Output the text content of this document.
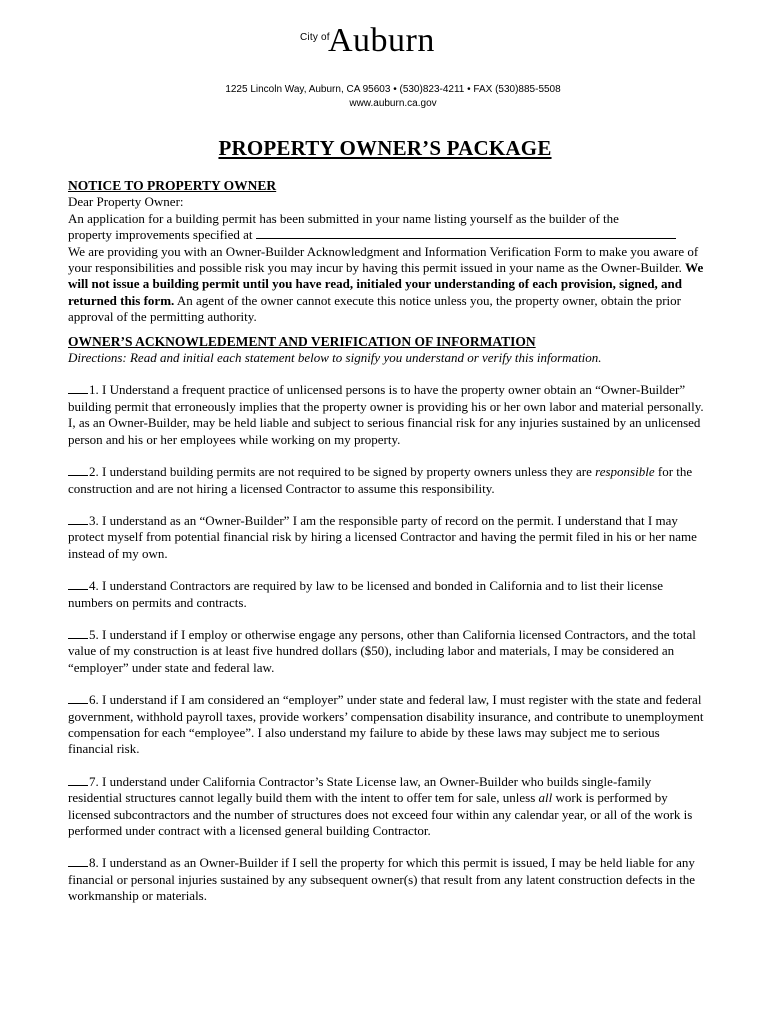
City of
Auburn
1225 Lincoln Way, Auburn, CA 95603 • (530)823-4211 • FAX (530)885-5508
www.auburn.ca.gov
PROPERTY OWNER’S PACKAGE

NOTICE TO PROPERTY OWNER

Dear Property Owner:

An application for a building permit has been submitted in your name listing yourself as the builder of the

property improvements specified at

We are providing you with an Owner-Builder Acknowledgment and Information Verification Form to make you aware of your responsibilities and possible risk you may incur by having this permit issued in your name as the Owner-Builder. We will not issue a building permit until you have read, initialed your understanding of each provision, signed, and returned this form. An agent of the owner cannot execute this notice unless you, the property owner, obtain the prior approval of the permitting authority.

OWNER’S ACKNOWLEDEMENT AND VERIFICATION OF INFORMATION

Directions: Read and initial each statement below to signify you understand or verify this information.

1. I Understand a frequent practice of unlicensed persons is to have the property owner obtain an “Owner-Builder” building permit that erroneously implies that the property owner is providing his or her own labor and material personally. I, as an Owner-Builder, may be held liable and subject to serious financial risk for any injuries sustained by an unlicensed person and his or her employees while working on my property.

2. I understand building permits are not required to be signed by property owners unless they are responsible for the construction and are not hiring a licensed Contractor to assume this responsibility.

3. I understand as an “Owner-Builder” I am the responsible party of record on the permit. I understand that I may protect myself from potential financial risk by hiring a licensed Contractor and having the permit filed in his or her name instead of my own.

4. I understand Contractors are required by law to be licensed and bonded in California and to list their license numbers on permits and contracts.

5. I understand if I employ or otherwise engage any persons, other than California licensed Contractors, and the total value of my construction is at least five hundred dollars ($50), including labor and materials, I may be considered an “employer” under state and federal law.

6. I understand if I am considered an “employer” under state and federal law, I must register with the state and federal government, withhold payroll taxes, provide workers’ compensation disability insurance, and contribute to unemployment compensation for each “employee”. I also understand my failure to abide by these laws may subject me to serious financial risk.

7. I understand under California Contractor’s State License law, an Owner-Builder who builds single-family residential structures cannot legally build them with the intent to offer tem for sale, unless all work is performed by licensed subcontractors and the number of structures does not exceed four within any calendar year, or all of the work is performed under contract with a licensed general building Contractor.

8. I understand as an Owner-Builder if I sell the property for which this permit is issued, I may be held liable for any financial or personal injuries sustained by any subsequent owner(s) that result from any latent construction defects in the workmanship or materials.
